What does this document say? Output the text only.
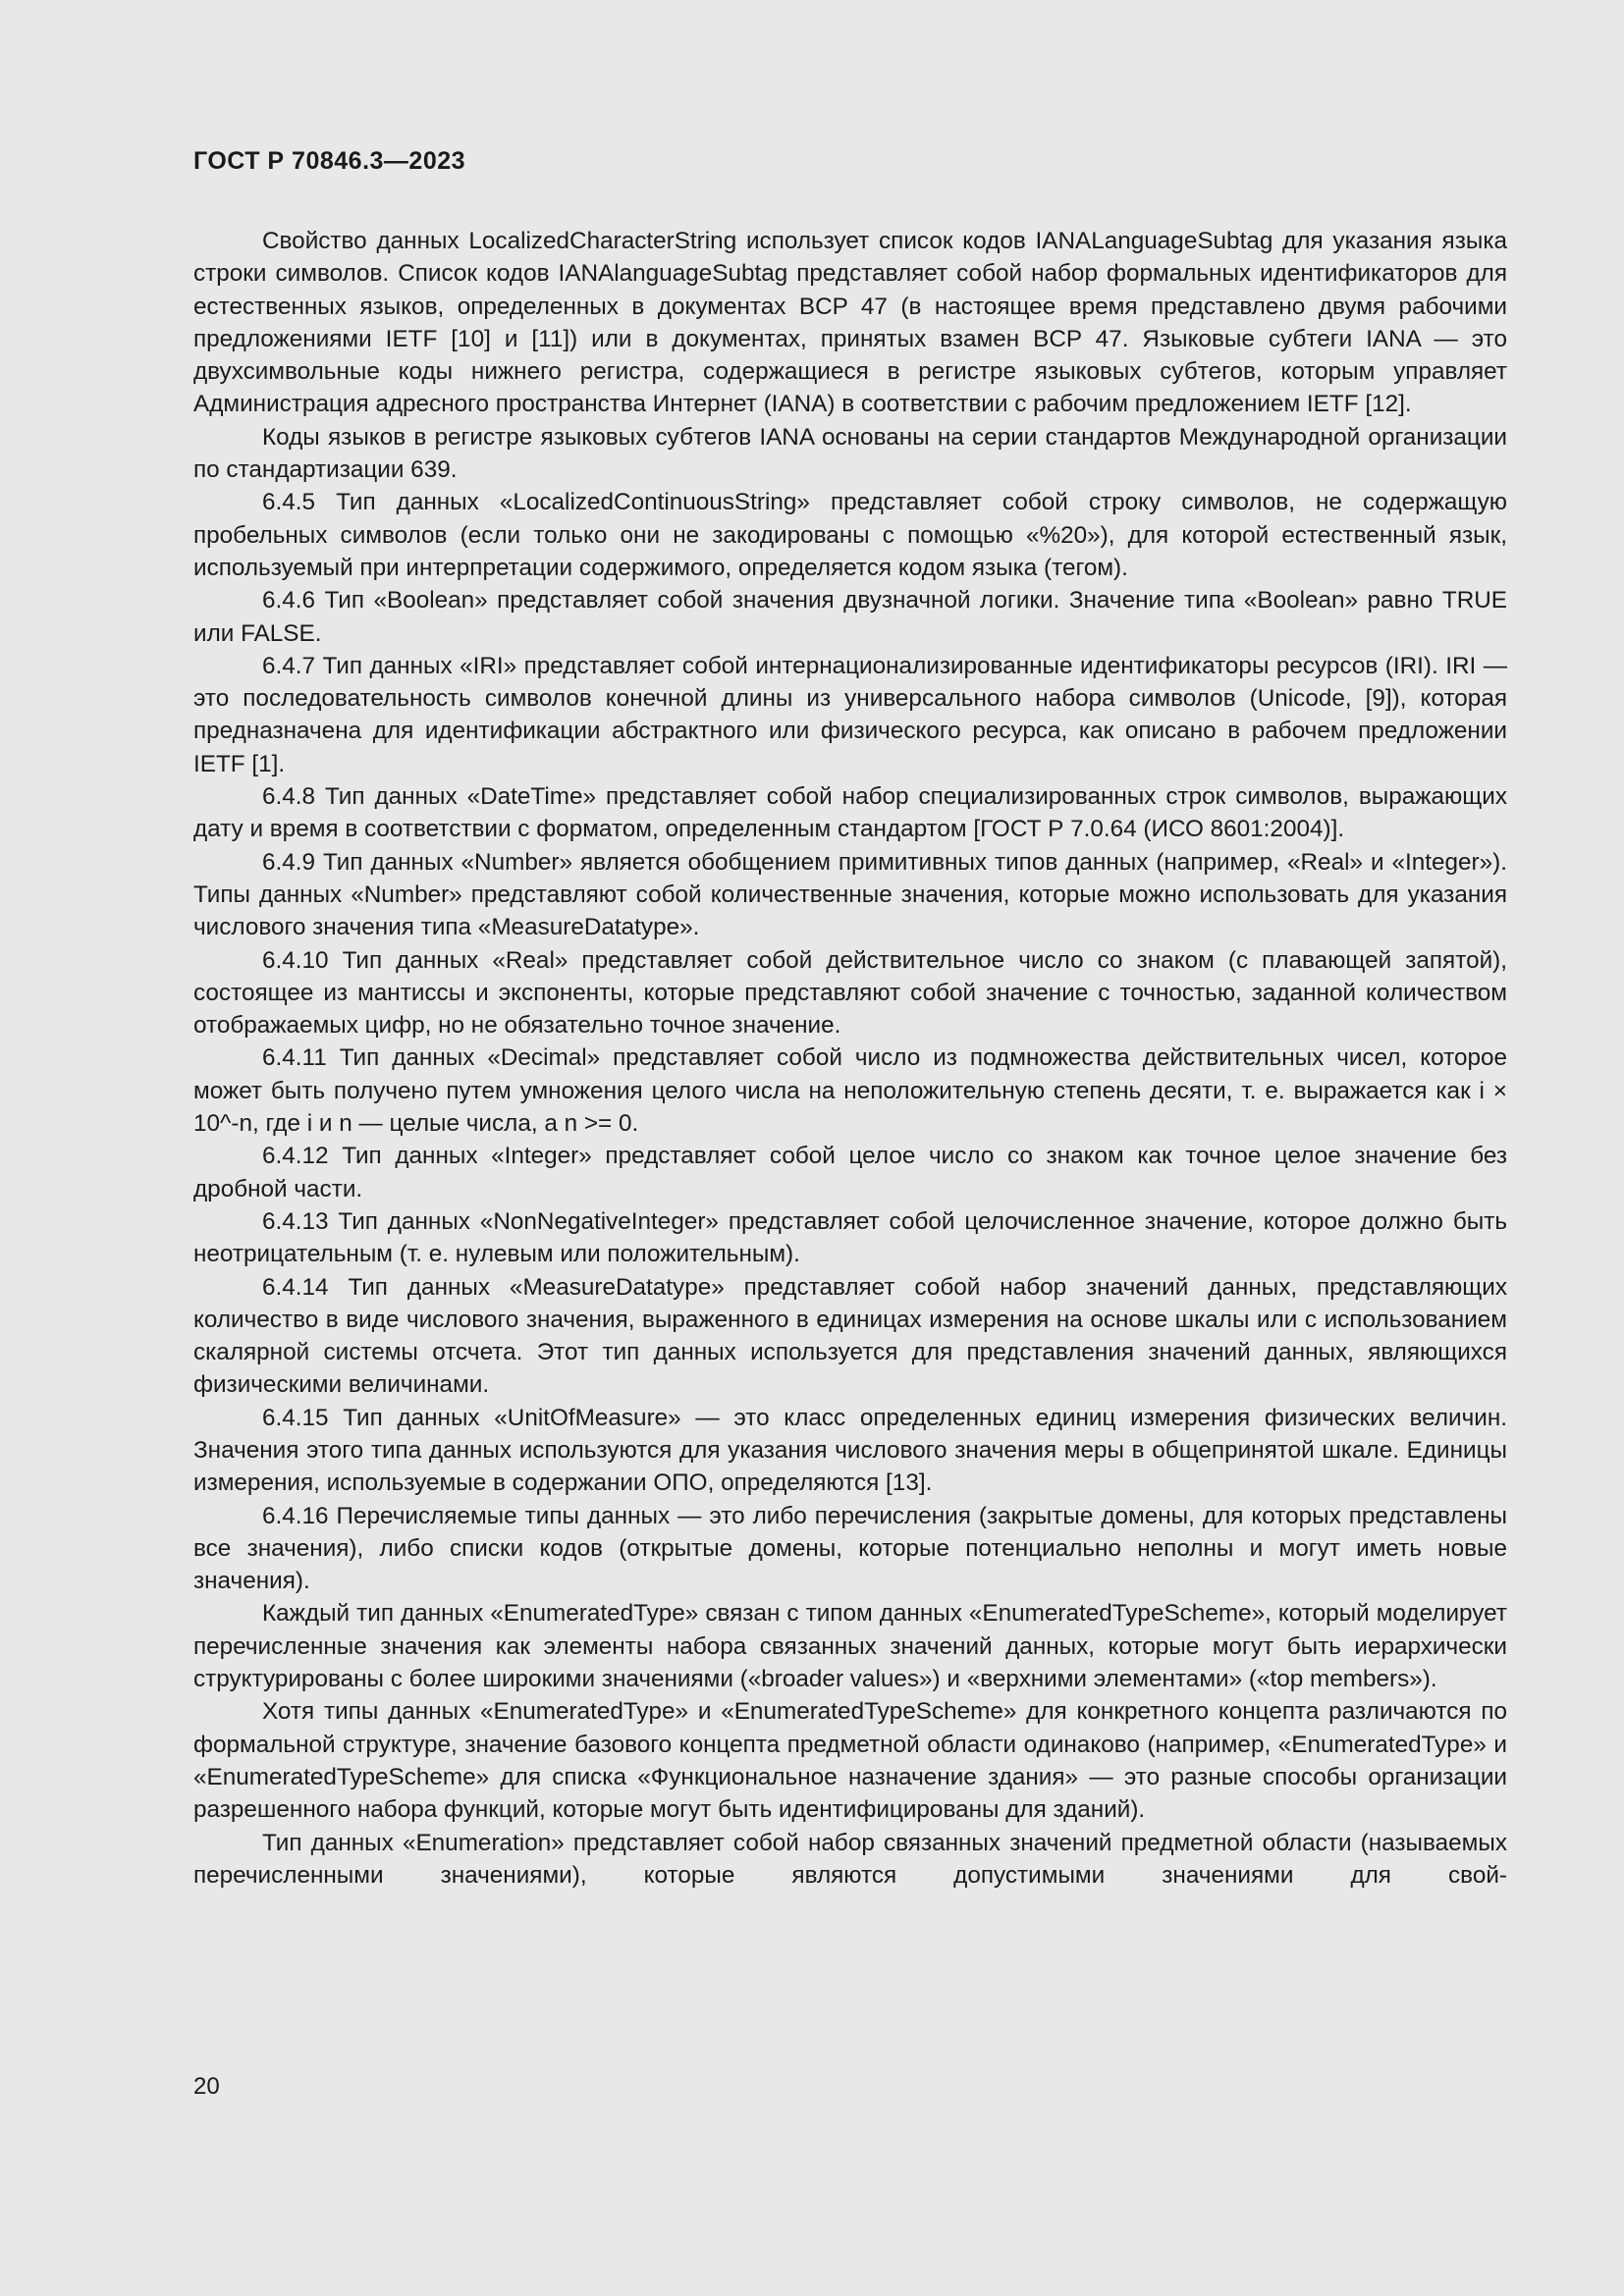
ГОСТ Р 70846.3—2023

Свойство данных LocalizedCharacterString использует список кодов IANALanguageSubtag для указания языка строки символов. Список кодов IANAlanguageSubtag представляет собой набор формальных идентификаторов для естественных языков, определенных в документах BCP 47 (в настоящее время представлено двумя рабочими предложениями IETF [10] и [11]) или в документах, принятых взамен BCP 47. Языковые субтеги IANA — это двухсимвольные коды нижнего регистра, содержащиеся в регистре языковых субтегов, которым управляет Администрация адресного пространства Интернет (IANA) в соответствии с рабочим предложением IETF [12].

Коды языков в регистре языковых субтегов IANA основаны на серии стандартов Международной организации по стандартизации 639.

6.4.5 Тип данных «LocalizedContinuousString» представляет собой строку символов, не содержащую пробельных символов (если только они не закодированы с помощью «%20»), для которой естественный язык, используемый при интерпретации содержимого, определяется кодом языка (тегом).

6.4.6 Тип «Boolean» представляет собой значения двузначной логики. Значение типа «Boolean» равно TRUE или FALSE.

6.4.7 Тип данных «IRI» представляет собой интернационализированные идентификаторы ресурсов (IRI). IRI — это последовательность символов конечной длины из универсального набора символов (Unicode, [9]), которая предназначена для идентификации абстрактного или физического ресурса, как описано в рабочем предложении IETF [1].

6.4.8 Тип данных «DateTime» представляет собой набор специализированных строк символов, выражающих дату и время в соответствии с форматом, определенным стандартом [ГОСТ Р 7.0.64 (ИСО 8601:2004)].

6.4.9 Тип данных «Number» является обобщением примитивных типов данных (например, «Real» и «Integer»). Типы данных «Number» представляют собой количественные значения, которые можно использовать для указания числового значения типа «MeasureDatatype».

6.4.10 Тип данных «Real» представляет собой действительное число со знаком (с плавающей запятой), состоящее из мантиссы и экспоненты, которые представляют собой значение с точностью, заданной количеством отображаемых цифр, но не обязательно точное значение.

6.4.11 Тип данных «Decimal» представляет собой число из подмножества действительных чисел, которое может быть получено путем умножения целого числа на неположительную степень десяти, т. е. выражается как i × 10^-n, где i и n — целые числа, а n >= 0.

6.4.12 Тип данных «Integer» представляет собой целое число со знаком как точное целое значение без дробной части.

6.4.13 Тип данных «NonNegativeInteger» представляет собой целочисленное значение, которое должно быть неотрицательным (т. е. нулевым или положительным).

6.4.14 Тип данных «MeasureDatatype» представляет собой набор значений данных, представляющих количество в виде числового значения, выраженного в единицах измерения на основе шкалы или с использованием скалярной системы отсчета. Этот тип данных используется для представления значений данных, являющихся физическими величинами.

6.4.15 Тип данных «UnitOfMeasure» — это класс определенных единиц измерения физических величин. Значения этого типа данных используются для указания числового значения меры в общепринятой шкале. Единицы измерения, используемые в содержании ОПО, определяются [13].

6.4.16 Перечисляемые типы данных — это либо перечисления (закрытые домены, для которых представлены все значения), либо списки кодов (открытые домены, которые потенциально неполны и могут иметь новые значения).

Каждый тип данных «EnumeratedType» связан с типом данных «EnumeratedTypeScheme», который моделирует перечисленные значения как элементы набора связанных значений данных, которые могут быть иерархически структурированы с более широкими значениями («broader values») и «верхними элементами» («top members»).

Хотя типы данных «EnumeratedType» и «EnumeratedTypeScheme» для конкретного концепта различаются по формальной структуре, значение базового концепта предметной области одинаково (например, «EnumeratedType» и «EnumeratedTypeScheme» для списка «Функциональное назначение здания» — это разные способы организации разрешенного набора функций, которые могут быть идентифицированы для зданий).

Тип данных «Enumeration» представляет собой набор связанных значений предметной области (называемых перечисленными значениями), которые являются допустимыми значениями для свой-

20
